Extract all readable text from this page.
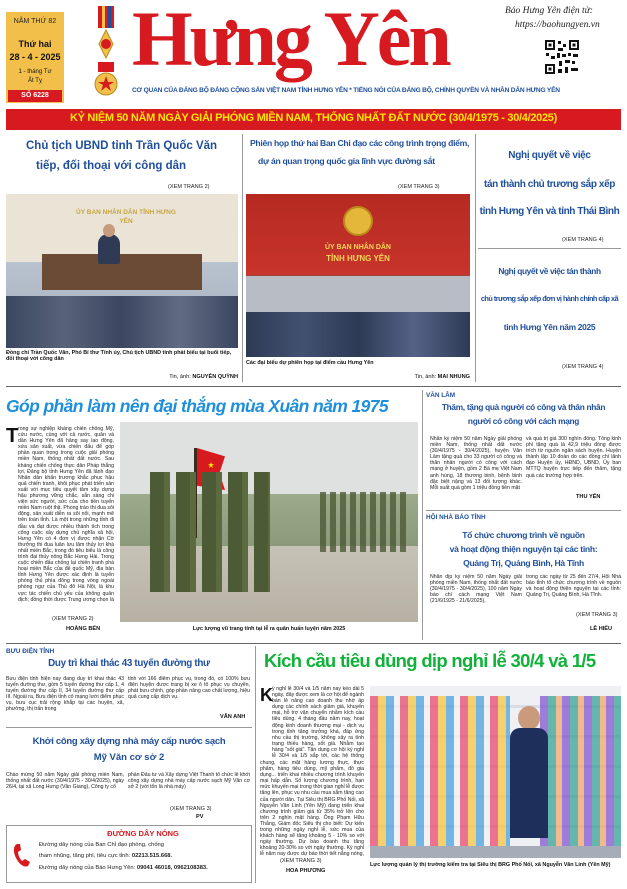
NĂM THỨ 82
Thứ hai
28 - 4 - 2025
1 - tháng Tư
Ất Tỵ
SỐ 6228
Hưng Yên	Báo Hưng Yên điện tử:
https://baohungyen.vn
CƠ QUAN CỦA ĐẢNG BỘ ĐẢNG CỘNG SẢN VIỆT NAM TỈNH HƯNG YÊN * TIẾNG NÓI CỦA ĐẢNG BỘ, CHÍNH QUYỀN VÀ NHÂN DÂN HƯNG YÊN
KỶ NIỆM 50 NĂM NGÀY GIẢI PHÓNG MIỀN NAM, THỐNG NHẤT ĐẤT NƯỚC (30/4/1975 - 30/4/2025)
Chủ tịch UBND tỉnh Trần Quốc Văn
tiếp, đối thoại với công dân
(XEM TRANG 2)
ỦY BAN NHÂN DÂN TỈNH HƯNG YÊN
Đồng chí Trần Quốc Văn, Phó Bí thư Tỉnh ủy, Chủ tịch UBND tỉnh phát biểu tại buổi tiếp, đối thoại với công dân
Tin, ảnh: NGUYỄN QUỲNH
Phiên họp thứ hai Ban Chỉ đạo các công trình trọng điểm,
dự án quan trọng quốc gia lĩnh vực đường sắt
(XEM TRANG 3)
ỦY BAN NHÂN DÂN
TỈNH HƯNG YÊN
Các đại biểu dự phiên họp tại điểm cầu Hưng Yên
Tin, ảnh: MAI NHUNG
Nghị quyết về việc
tán thành chủ trương sắp xếp
tỉnh Hưng Yên và tỉnh Thái Bình
(XEM TRANG 4)
Nghị quyết về việc tán thành
chủ trương sắp xếp đơn vị hành chính cấp xã
tỉnh Hưng Yên năm 2025
(XEM TRANG 4)
Góp phần làm nên đại thắng mùa Xuân năm 1975
T rong sự nghiệp kháng chiến chống Mỹ, cứu nước, cùng với cả nước, quân và dân Hưng Yên đã hăng say lao động, xứa sản xuất, vừa chiến đấu để góp phần quan trọng trong cuộc giải phóng miền Nam, thống nhất đất nước. Sau kháng chiến chống thực dân Pháp thắng lợi, Đảng bộ tỉnh Hưng Yên đã lãnh đạo Nhân dân khẩn trương khắc phục hậu quả chiến tranh, khôi phục phát triển sản xuất với mục tiêu quyết tâm xây dựng hậu phương vững chắc, sẵn sàng chi viện sức người, sức của cho tiền tuyến miền Nam ruột thịt. Phong trào thi đua sôi động, sản xuất diễn ra sôi nổi, mạnh mẽ trên toàn tỉnh. Là một trong những tỉnh đi đầu và đạt được nhiều thành tích trong công cuộc xây dựng chủ nghĩa xã hội, Hưng Yên có 4 đơn vị được nhận Cờ thưởng thi đua luân lưu lâm thủy lợi khá nhất miền Bắc, trong đó tiêu biểu là công trình đại thủy nông Bắc Hưng Hải. Trong cuộc chiến đấu chống lại chiến tranh phá hoại miền Bắc của đế quốc Mỹ, địa bàn tỉnh Hưng Yên được xác định là tuyến phòng thủ phía đông trong vòng ngoài phòng ngự của Thủ đô Hà Nội, là khu vực tác chiến chủ yếu của không quân địch; đồng thời được Trung ương chọn là
(XEM TRANG 2)
HOÀNG BẾN	Lực lượng vũ trang tỉnh tại lễ ra quân huấn luyện năm 2025
VĂN LÂM
Thăm, tặng quà người có công và thân nhân
người có công với cách mạng
Nhân kỷ niệm 50 năm Ngày giải phóng miền Nam, thống nhất đất nước (30/4/1975 - 30/4/2025), huyện Văn Lâm tặng quà cho 33 người có công và thân nhân người có công với cách mạng ở huyện, gồm 2 Bà mẹ Việt Nam anh hùng, 18 thương binh, bệnh binh đặc biệt nặng và 13 đối tượng khác. Mỗi suất quà gồm 1 triệu đồng tiền mặt
và quà trị giá 300 nghìn đồng. Tổng kinh phí tặng quà là 42,9 triệu đồng được trích từ nguồn ngân sách huyện. Huyện thành lập 10 đoàn do các đồng chí lãnh đạo Huyện ủy, HĐND, UBND, Ủy ban MTTQ huyện trực tiếp đến thăm, tặng quà các trường hợp trên.
THU YẾN
HỘI NHÀ BÁO TỈNH
Tổ chức chương trình về nguồn
và hoạt động thiện nguyện tại các tỉnh:
Quảng Trị, Quảng Bình, Hà Tĩnh
Nhân dịp kỷ niệm 50 năm Ngày giải phóng miền Nam, thống nhất đất nước (30/4/1975 - 30/4/2025), 100 năm Ngày báo chí cách mạng Việt Nam (21/6/1925 - 21/6/2025),
trong các ngày từ 25 đến 27/4, Hội Nhà báo tỉnh tổ chức chương trình về nguồn và hoạt động thiện nguyện tại các tỉnh: Quảng Trị, Quảng Bình, Hà Tĩnh.
(XEM TRANG 3)
LÊ HIẾU
BƯU ĐIỆN TỈNH
Duy trì khai thác 43 tuyến đường thư
Bưu điện tỉnh hiện nay đang duy trì khai thác 43 tuyến đường thư, gồm 5 tuyến đường thư cấp 1, 4 tuyến đường thư cấp II, 34 tuyến đường thư cấp III. Ngoài ra, Bưu điện tỉnh có mạng lưới điểm phục vụ, bưu cục trải rộng khắp tại các huyện, xã, phường, thị trấn trong
tỉnh với 166 điểm phục vụ, trong đó, có 100% bưu điện huyện được trang bị xe ô tô phục vụ chuyển, phát bưu chính, góp phần nâng cao chất lượng, hiệu quả cung cấp dịch vụ.
VĂN ANH
Khởi công xây dựng nhà máy cấp nước sạch
Mỹ Văn cơ sở 2
Chào mừng 50 năm Ngày giải phóng miền Nam, thống nhất đất nước (30/4/1975 - 30/4/2025), ngày 26/4, tại xã Long Hưng (Văn Giang), Công ty cổ
phần Đầu tư và Xây dựng Việt Thanh tổ chức lễ khởi công xây dựng nhà máy cấp nước sạch Mỹ Văn cơ sở 2 (với tổn là nhà máy)
(XEM TRANG 3)
PV
ĐƯỜNG DÂY NÓNG
Đường dây nóng của Ban Chỉ đạo phòng, chống
tham nhũng, tăng phí, tiêu cực tỉnh: 02213.515.668.
Đường dây nóng của Báo Hưng Yên: 09041 46018, 0962108383.
Kích cầu tiêu dùng dịp nghỉ lễ 30/4 và 1/5
K ỳ nghỉ lễ 30/4 và 1/5 năm nay kéo dài 5 ngày, đây được xem là cơ hội để ngành bán lẻ nâng cao doanh thu nhờ áp dụng các chính sách giảm giá, khuyến mại, hỗ trợ vận chuyển nhằm kích cầu tiêu dùng. 4 tháng đầu năm nay, hoạt động kinh doanh thương mại - dịch vụ trong tỉnh tăng trưởng khá, đáp ứng nhu cầu thị trường, không xảy ra tình trạng thiếu hàng, sốt giá. Nhằm tạo hàng "sốt giá". Tận dụng cơ hội kỳ nghỉ lễ 30/4 và 1/5 sắp tới, các hệ thống
chung, các mặt hàng lương thực, thực phẩm, hàng tiêu dùng, mỹ phẩm, đồ gia dụng... triển khai nhiều chương trình khuyến mại hấp dẫn. Số lượng chương trình, hạn mức khuyến mại trong thời gian nghỉ lễ được tăng lên, phục vụ nhu cầu mua sắm tăng cao của người dân. Tại Siêu thị BRG Phố Nối, xã Nguyễn Văn Linh (Yên Mỹ) đang triển khai chương trình giảm giá từ 35% trở lên cho trên 2 nghìn mặt hàng. Ông Phạm Hữu Thắng, Giám đốc Siêu thị cho biết: Dự kiến trong những ngày nghỉ lễ, sức mua của khách hàng sẽ tăng khoảng 5 - 10% so với ngày thường. Dự báo doanh thu tăng khoảng 20-30% so với ngày thường. Kỳ nghỉ lễ năm nay được dự báo thời tiết nắng nóng,
(XEM TRANG 3)
HOA PHƯƠNG
Lực lượng quản lý thị trường kiểm tra tại Siêu thị BRG Phố Nối, xã Nguyễn Văn Linh (Yên Mỹ)
